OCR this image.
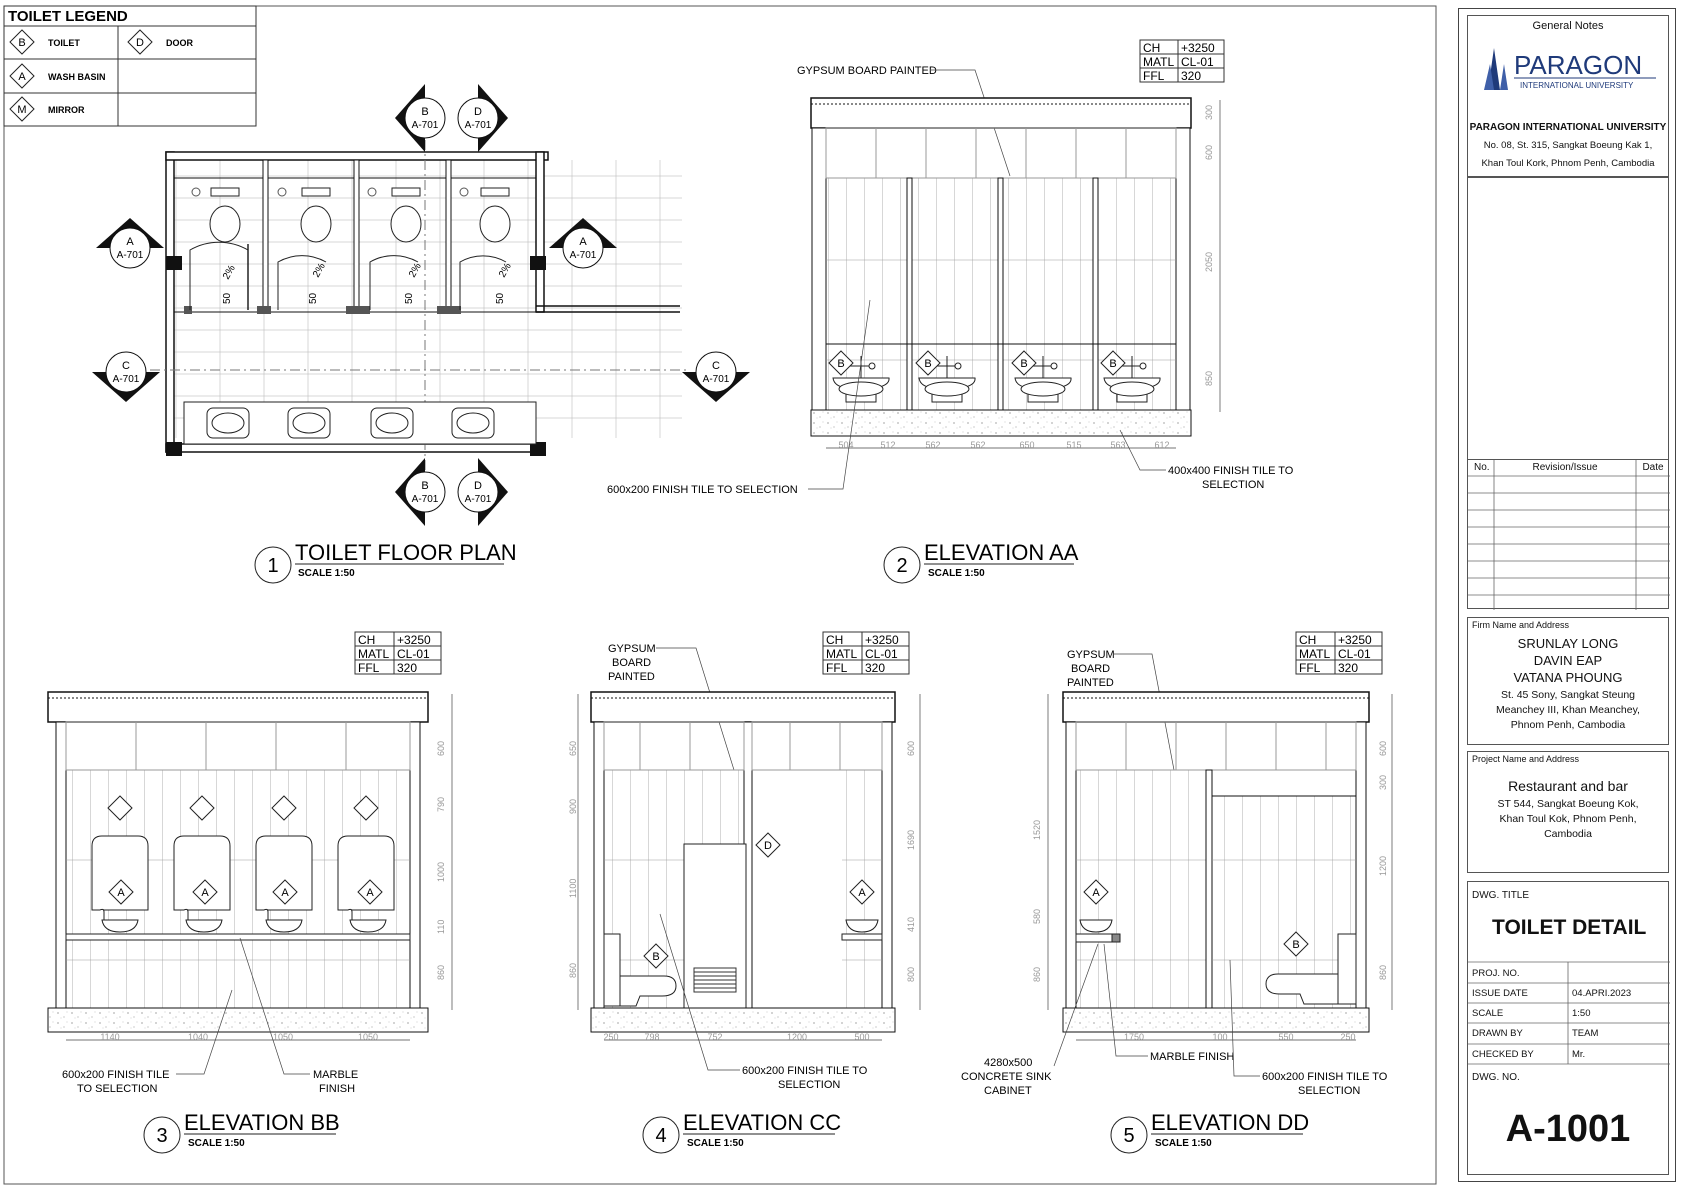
TOILET LEGEND
B TOILET	D DOOR
A WASH BASIN
M MIRROR
2%	2%	2%	2%
50	50	50	50
B
A-701
D
A-701
B
A-701
D
A-701
A
A-701
A
A-701
C
A-701
C
A-701
1
TOILET FLOOR PLAN
SCALE 1:50	2
ELEVATION AA
SCALE 1:50
3
ELEVATION BB
SCALE 1:50	4
ELEVATION CC
SCALE 1:50	5
ELEVATION DD
SCALE 1:50
CH +3250
MATL CL-01
FFL 320
GYPSUM BOARD PAINTED
B	B	B	B
504	512	562	562	650	515	563	612
300
600
2050
850
600x200 FINISH TILE TO SELECTION
400x400 FINISH TILE TO
SELECTION
CH +3250
MATL CL-01
FFL 320
A	A	A	A
1140	1040	1050	1050
600
790
1000
110
860
600x200 FINISH TILE
TO SELECTION
MARBLE
FINISH
CH +3250
MATL CL-01
FFL 320
GYPSUM
BOARD
PAINTED
D
B
A
250	798	752	1200	500
650
900
1100
860
600
1690
410
800
600x200 FINISH TILE TO
SELECTION
CH +3250
MATL CL-01
FFL 320
GYPSUM
BOARD
PAINTED
A
B
1750	100	550	250
1520
580
860
600
300
1200
860
4280x500
CONCRETE SINK
CABINET
MARBLE FINISH
600x200 FINISH TILE TO
SELECTION
General Notes
PARAGON
INTERNATIONAL UNIVERSITY
PARAGON INTERNATIONAL UNIVERSITY
No. 08, St. 315, Sangkat Boeung Kak 1,
Khan Toul Kork, Phnom Penh, Cambodia
No.	Revision/Issue	Date
Firm Name and Address
SRUNLAY LONG
DAVIN EAP
VATANA PHOUNG
St. 45 Sony, Sangkat Steung
Meanchey III, Khan Meanchey,
Phnom Penh, Cambodia
Project Name and Address
Restaurant and bar
ST 544, Sangkat Boeung Kok,
Khan Toul Kok, Phnom Penh,
Cambodia
DWG. TITLE
TOILET DETAIL
PROJ. NO.
ISSUE DATE	04.APRI.2023
SCALE	1:50
DRAWN BY	TEAM
CHECKED BY	Mr.
DWG. NO.
A-1001
